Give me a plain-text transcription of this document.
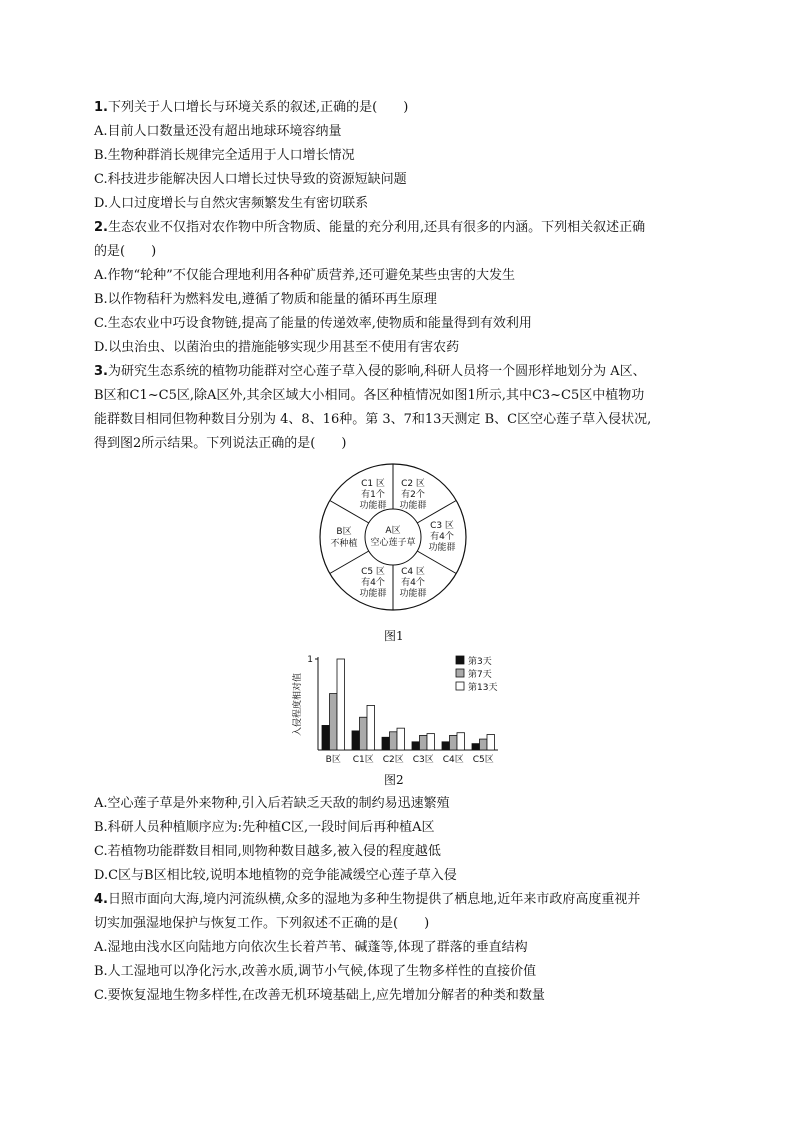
1.下列关于人口增长与环境关系的叙述,正确的是(　　)
A.目前人口数量还没有超出地球环境容纳量
B.生物种群消长规律完全适用于人口增长情况
C.科技进步能解决因人口增长过快导致的资源短缺问题
D.人口过度增长与自然灾害频繁发生有密切联系
2.生态农业不仅指对农作物中所含物质、能量的充分利用,还具有很多的内涵。下列相关叙述正确
的是(　　)
A.作物“轮种”不仅能合理地利用各种矿质营养,还可避免某些虫害的大发生
B.以作物秸秆为燃料发电,遵循了物质和能量的循环再生原理
C.生态农业中巧设食物链,提高了能量的传递效率,使物质和能量得到有效利用
D.以虫治虫、以菌治虫的措施能够实现少用甚至不使用有害农药
3.为研究生态系统的植物功能群对空心莲子草入侵的影响,科研人员将一个圆形样地划分为 A区、
B区和C1~C5区,除A区外,其余区域大小相同。各区种植情况如图1所示,其中C3~C5区中植物功
能群数目相同但物种数目分别为 4、8、16种。第 3、7和13天测定 B、C区空心莲子草入侵状况,
得到图2所示结果。下列说法正确的是(　　)
A区
空心莲子草
C1 区
有1个
功能群
C2 区
有2个
功能群
C3 区
有4个
功能群
C4 区
有4个
功能群
C5 区
有4个
功能群
B区
不种植
图1
入侵程度相对值
1
B区 C1区 C2区 C3区 C4区 C5区
第3天
第7天
第13天
图2
A.空心莲子草是外来物种,引入后若缺乏天敌的制约易迅速繁殖
B.科研人员种植顺序应为:先种植C区,一段时间后再种植A区
C.若植物功能群数目相同,则物种数目越多,被入侵的程度越低
D.C区与B区相比较,说明本地植物的竞争能减缓空心莲子草入侵
4.日照市面向大海,境内河流纵横,众多的湿地为多种生物提供了栖息地,近年来市政府高度重视并
切实加强湿地保护与恢复工作。下列叙述不正确的是(　　)
A.湿地由浅水区向陆地方向依次生长着芦苇、碱蓬等,体现了群落的垂直结构
B.人工湿地可以净化污水,改善水质,调节小气候,体现了生物多样性的直接价值
C.要恢复湿地生物多样性,在改善无机环境基础上,应先增加分解者的种类和数量
